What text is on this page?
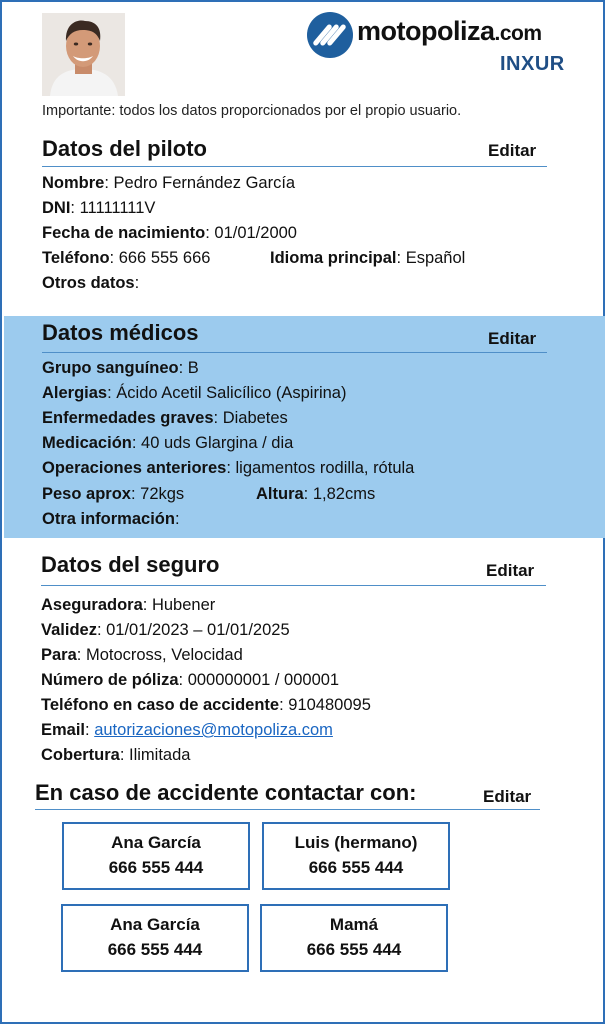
motopoliza.com
INXUR
Importante: todos los datos proporcionados por el propio usuario.
Datos del piloto	Editar
Nombre: Pedro Fernández García
DNI: 11111111V
Fecha de nacimiento: 01/01/2000
Teléfono: 666 555 666	Idioma principal: Español
Otros datos:
Datos médicos	Editar
Grupo sanguíneo: B
Alergias: Ácido Acetil Salicílico (Aspirina)
Enfermedades graves: Diabetes
Medicación: 40 uds Glargina / dia
Operaciones anteriores: ligamentos rodilla, rótula
Peso aprox: 72kgs	Altura: 1,82cms
Otra información:
Datos del seguro	Editar
Aseguradora: Hubener
Validez: 01/01/2023 – 01/01/2025
Para: Motocross, Velocidad
Número de póliza: 000000001 / 000001
Teléfono en caso de accidente: 910480095
Email: autorizaciones@motopoliza.com
Cobertura: Ilimitada
En caso de accidente contactar con:	Editar
Ana García
666 555 444
Luis (hermano)
666 555 444
Ana García
666 555 444
Mamá
666 555 444
